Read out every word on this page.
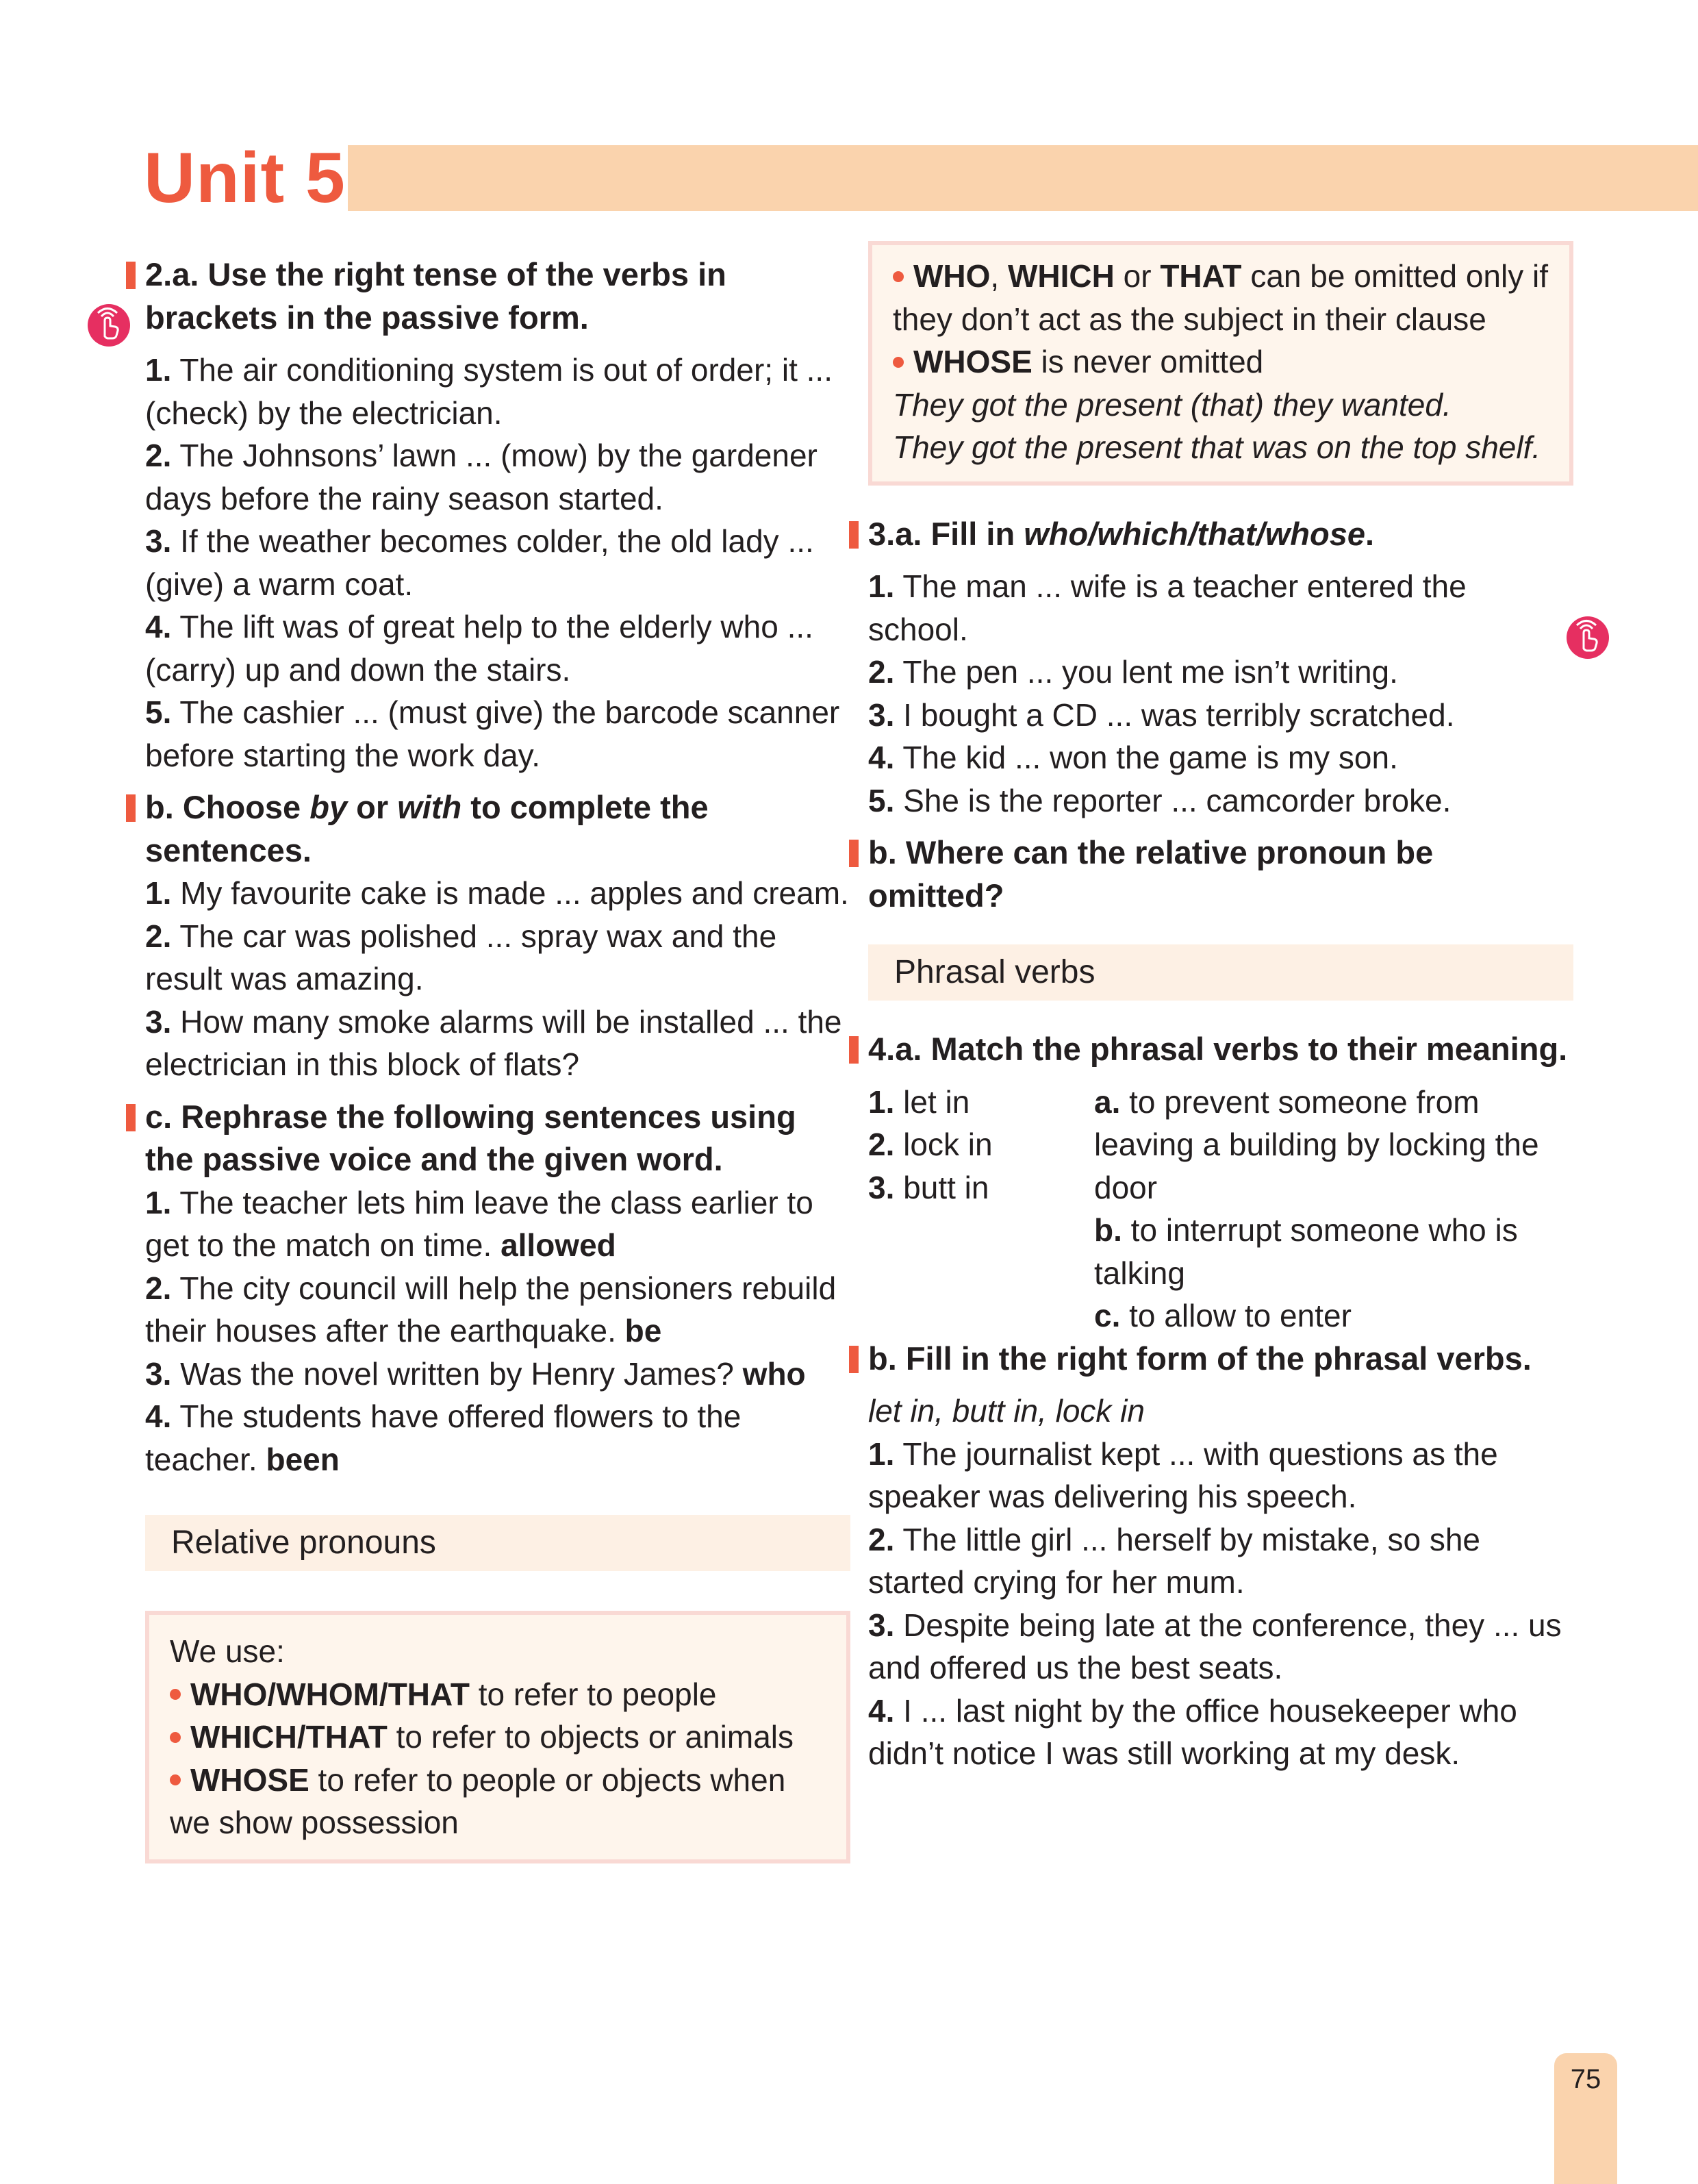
Unit 5

2.a. Use the right tense of the verbs in brackets in the passive form.

1. The air conditioning system is out of order; it ... (check) by the electrician.

2. The Johnsons’ lawn ... (mow) by the gardener days before the rainy season started.

3. If the weather becomes colder, the old lady ... (give) a warm coat.

4. The lift was of great help to the elderly who ... (carry) up and down the stairs.

5. The cashier ... (must give) the barcode scanner before starting the work day.

b. Choose by or with to complete the sentences.

1. My favourite cake is made ... apples and cream.

2. The car was polished ... spray wax and the result was amazing.

3. How many smoke alarms will be installed ... the electrician in this block of flats?

c. Rephrase the following sentences using the passive voice and the given word.

1. The teacher lets him leave the class earlier to get to the match on time. allowed

2. The city council will help the pensioners rebuild their houses after the earthquake. be

3. Was the novel written by Henry James? who

4. The students have offered flowers to the teacher. been

Relative pronouns

We use:

WHO/WHOM/THAT to refer to people

WHICH/THAT to refer to objects or animals

WHOSE to refer to people or objects when we show possession

WHO, WHICH or THAT can be omitted only if they don’t act as the subject in their clause

WHOSE is never omitted

They got the present (that) they wanted.

They got the present that was on the top shelf.

3.a. Fill in who/which/that/whose.

1. The man ... wife is a teacher entered the school.

2. The pen ... you lent me isn’t writing.

3. I bought a CD ... was terribly scratched.

4. The kid ... won the game is my son.

5. She is the reporter ... camcorder broke.

b. Where can the relative pronoun be omitted?

Phrasal verbs

4.a. Match the phrasal verbs to their meaning.

1. let in

2. lock in

3. butt in

a. to prevent someone from leaving a building by locking the door

b. to interrupt someone who is talking

c. to allow to enter

b. Fill in the right form of the phrasal verbs.

let in, butt in, lock in

1. The journalist kept ... with questions as the speaker was delivering his speech.

2. The little girl ... herself by mistake, so she started crying for her mum.

3. Despite being late at the conference, they ... us and offered us the best seats.

4. I ... last night by the office housekeeper who didn’t notice I was still working at my desk.

75
